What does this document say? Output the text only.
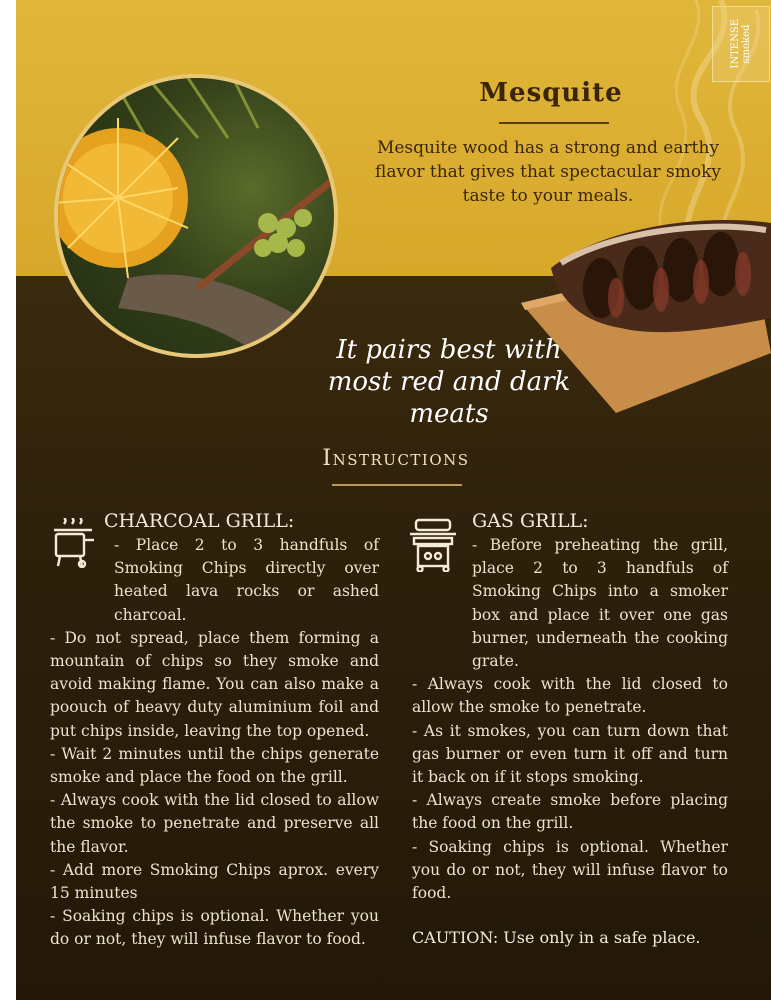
INTENSE smoked
Mesquite
Mesquite wood has a strong and earthy flavor that gives that spectacular smoky taste to your meals.
It pairs best with
most red and dark meats
Instructions
CHARCOAL GRILL:

- Place 2 to 3 handfuls of Smoking Chips directly over heated lava rocks or ashed charcoal.

- Do not spread, place them forming a mountain of chips so they smoke and avoid making flame. You can also make a poouch of heavy duty aluminium foil and put chips inside, leaving the top opened.

- Wait 2 minutes until the chips generate smoke and place the food on the grill.

- Always cook with the lid closed to allow the smoke to penetrate and preserve all the flavor.

- Add more Smoking Chips aprox. every 15 minutes

- Soaking chips is optional. Whether you do or not, they will infuse flavor to food.

GAS GRILL:

- Before preheating the grill, place 2 to 3 handfuls of Smoking Chips into a smoker box and place it over one gas burner, underneath the cooking grate.

- Always cook with the lid closed to allow the smoke to penetrate.

- As it smokes, you can turn down that gas burner or even turn it off and turn it back on if it stops smoking.

- Always create smoke before placing the food on the grill.

- Soaking chips is optional. Whether you do or not, they will infuse flavor to food.

CAUTION: Use only in a safe place.
